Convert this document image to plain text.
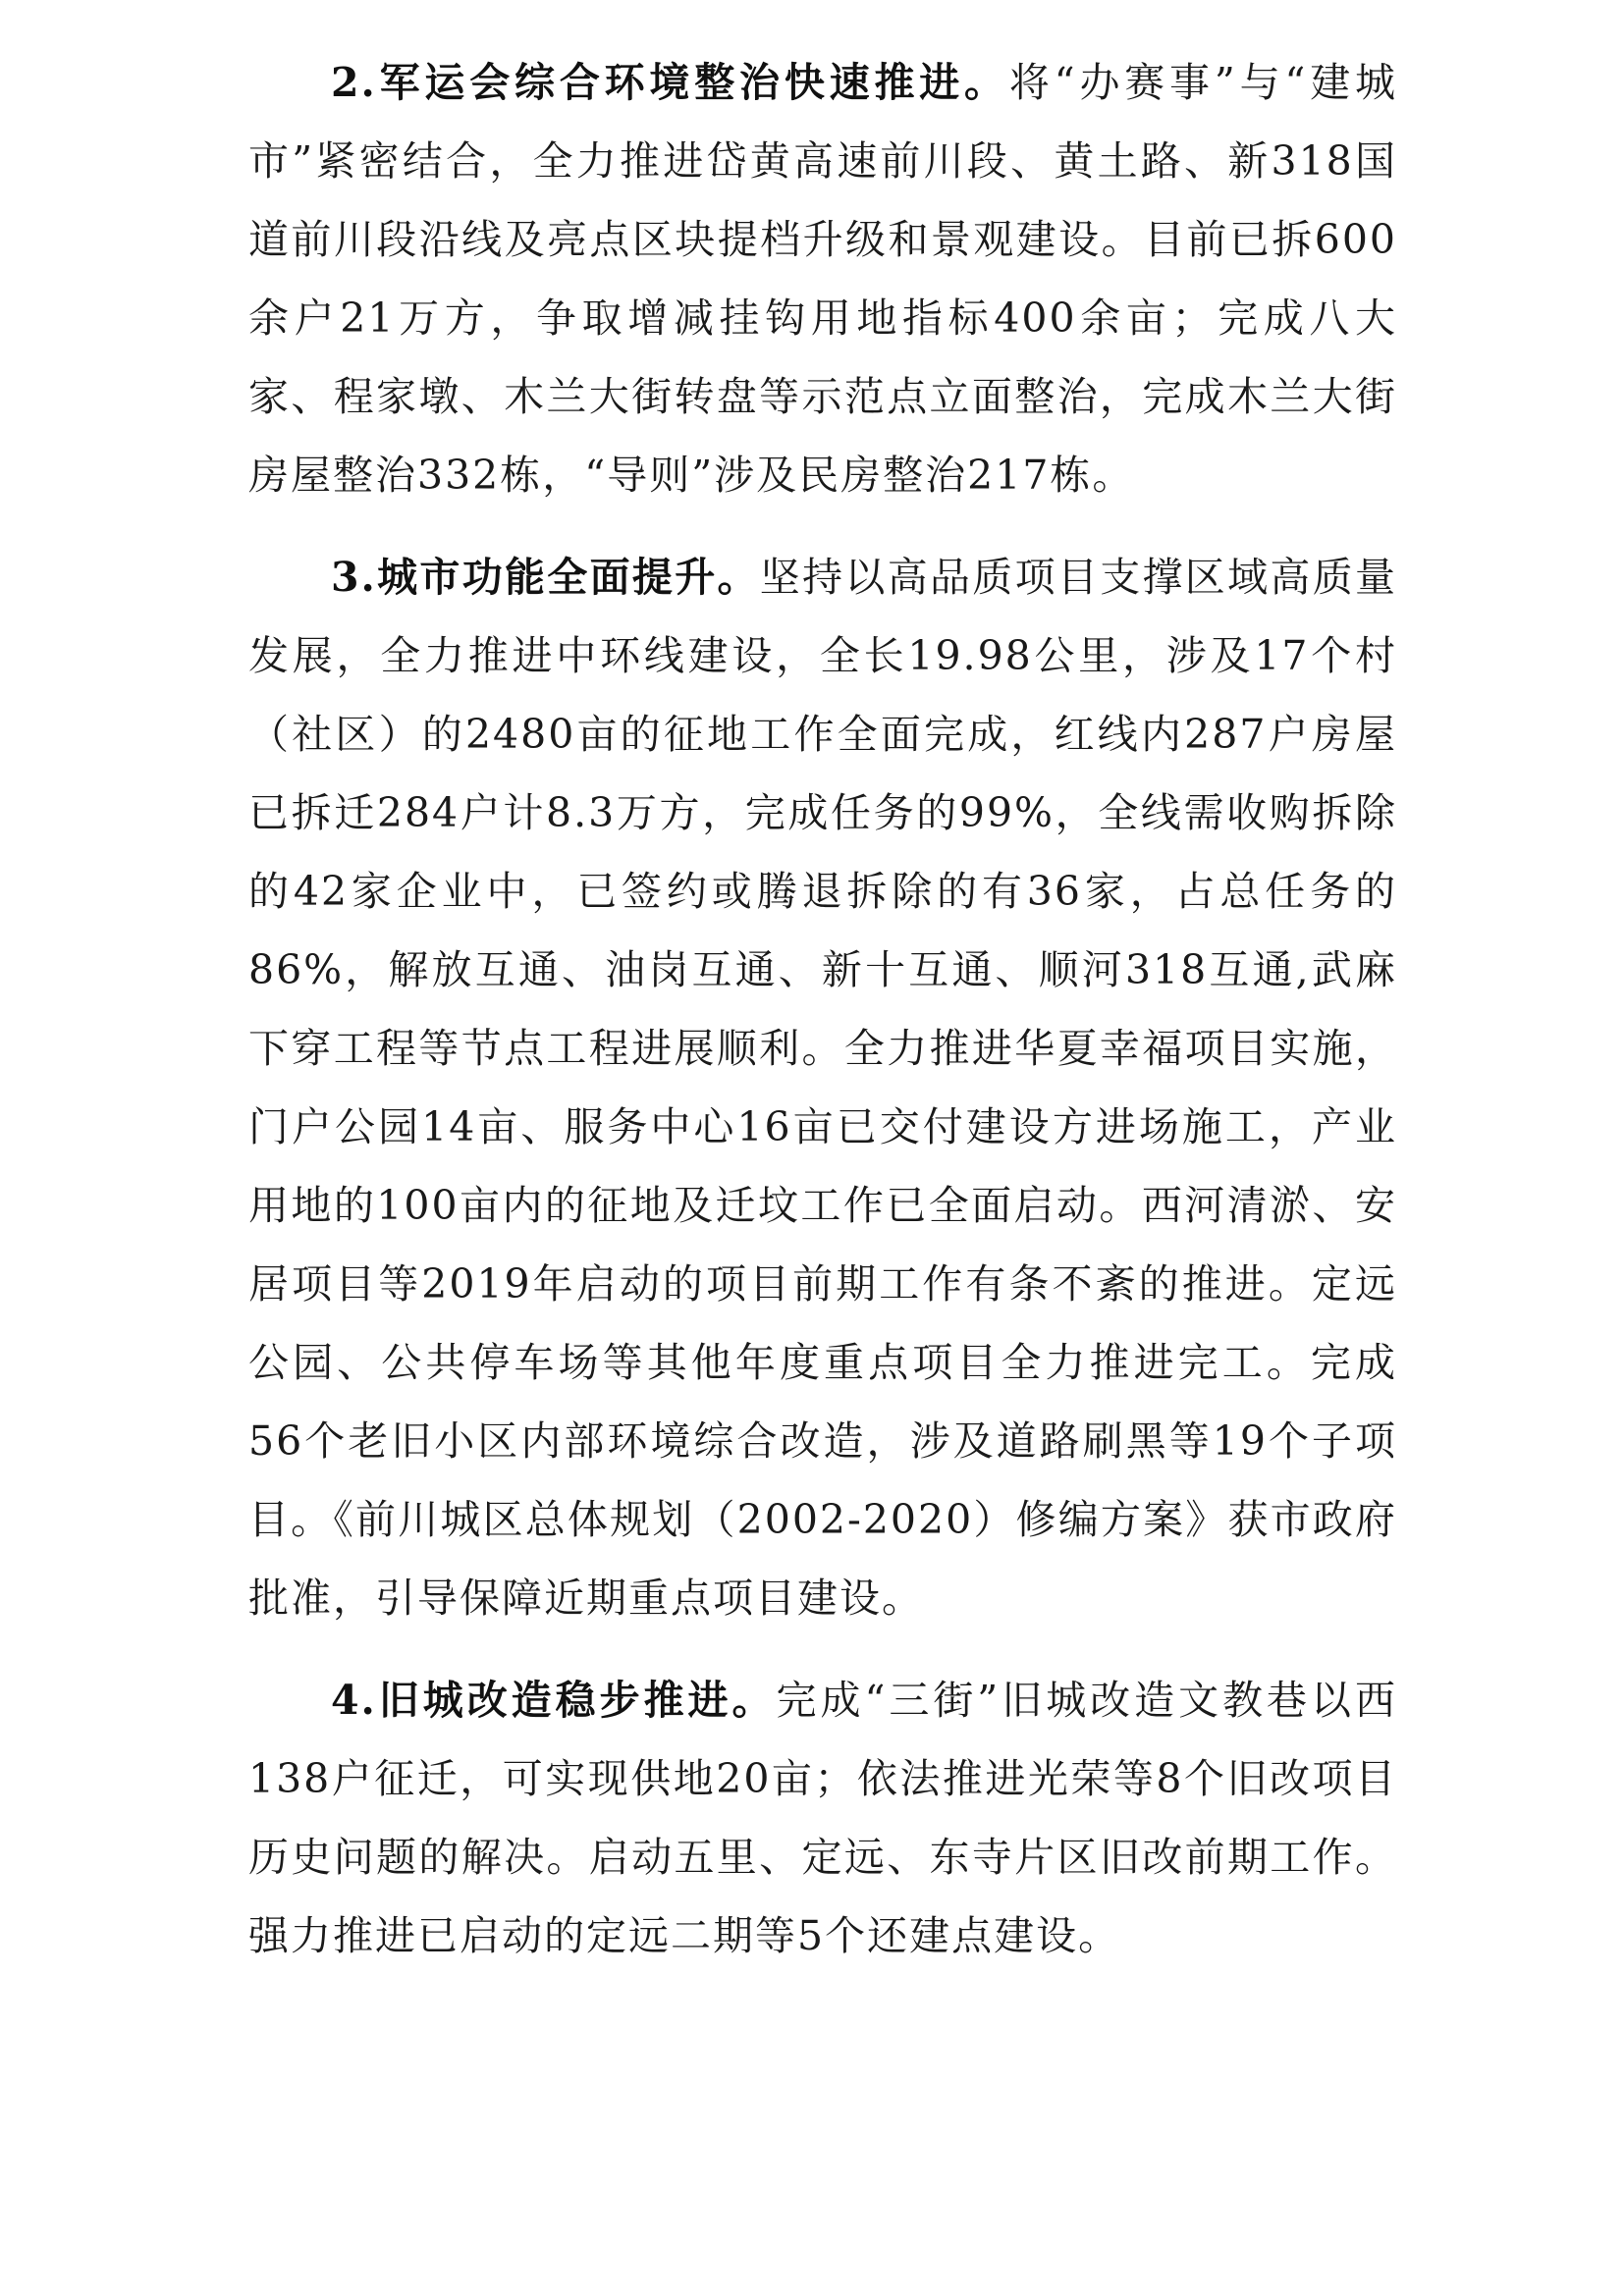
2.军运会综合环境整治快速推进。将“办赛事”与“建城市”紧密结合，全力推进岱黄高速前川段、黄土路、新318国道前川段沿线及亮点区块提档升级和景观建设。目前已拆600余户21万方，争取增减挂钩用地指标400余亩；完成八大家、程家墩、木兰大街转盘等示范点立面整治，完成木兰大街房屋整治332栋，“导则”涉及民房整治217栋。

3.城市功能全面提升。坚持以高品质项目支撑区域高质量发展，全力推进中环线建设，全长19.98公里，涉及17个村（社区）的2480亩的征地工作全面完成，红线内287户房屋已拆迁284户计8.3万方，完成任务的99%，全线需收购拆除的42家企业中，已签约或腾退拆除的有36家，占总任务的86%，解放互通、油岗互通、新十互通、顺河318互通,武麻下穿工程等节点工程进展顺利。全力推进华夏幸福项目实施，门户公园14亩、服务中心16亩已交付建设方进场施工，产业用地的100亩内的征地及迁坟工作已全面启动。西河清淤、安居项目等2019年启动的项目前期工作有条不紊的推进。定远公园、公共停车场等其他年度重点项目全力推进完工。完成56个老旧小区内部环境综合改造，涉及道路刷黑等19个子项目。《前川城区总体规划（2002-2020）修编方案》获市政府批准，引导保障近期重点项目建设。

4.旧城改造稳步推进。完成“三街”旧城改造文教巷以西138户征迁，可实现供地20亩；依法推进光荣等8个旧改项目历史问题的解决。启动五里、定远、东寺片区旧改前期工作。强力推进已启动的定远二期等5个还建点建设。
